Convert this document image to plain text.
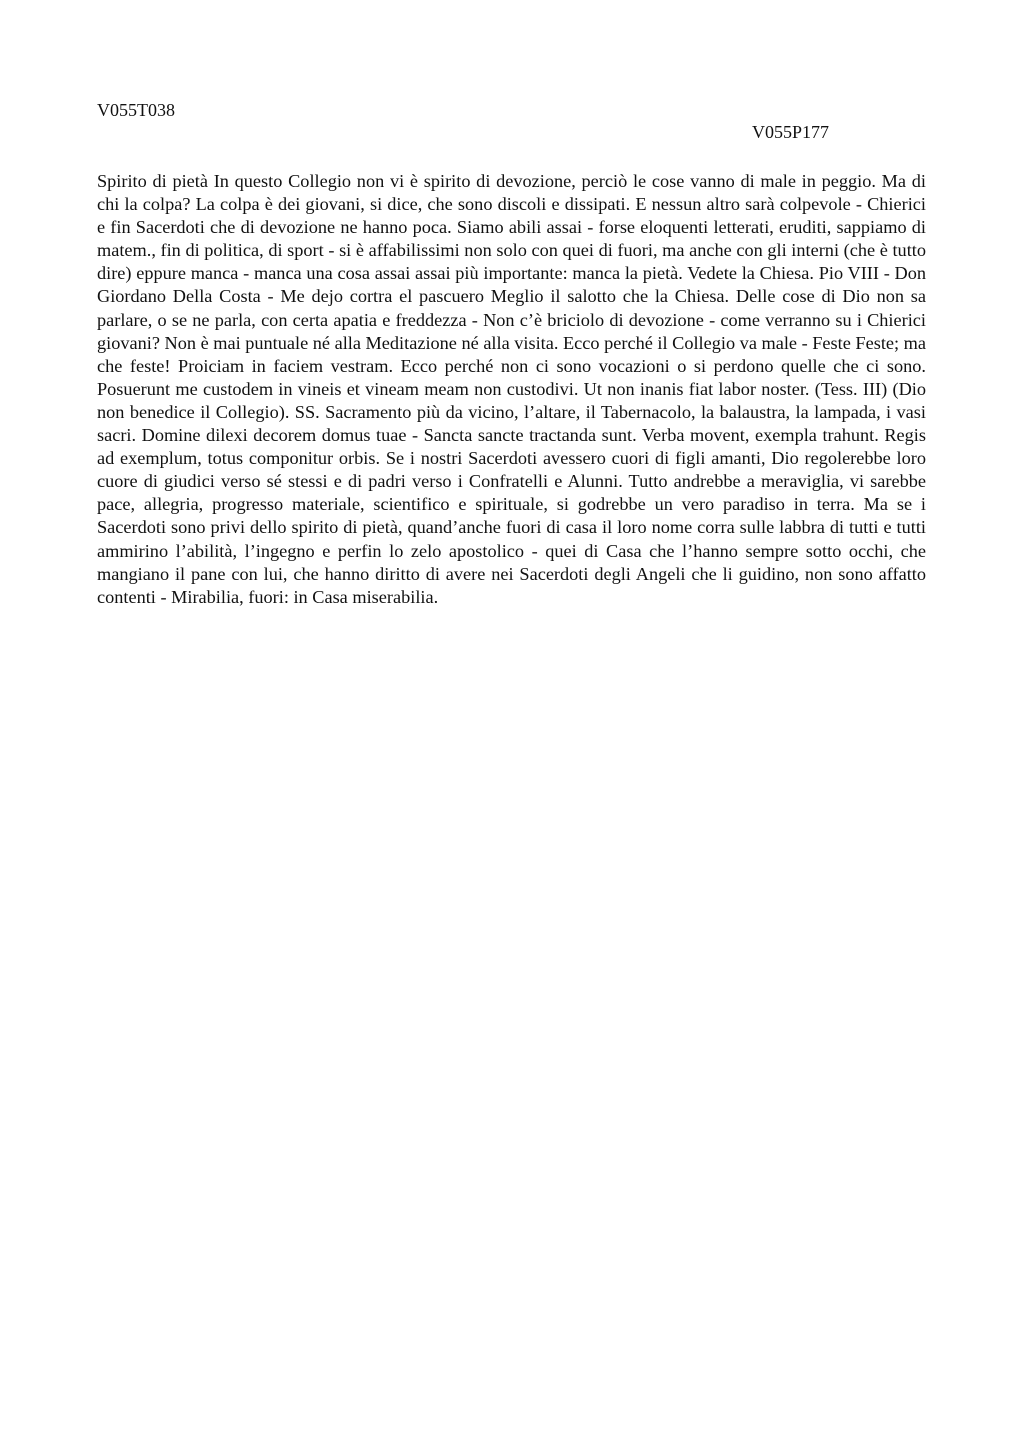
V055T038

V055P177

Spirito di pietà In questo Collegio non vi è spirito di devozione, perciò le cose vanno di male in peggio. Ma di chi la colpa? La colpa è dei giovani, si dice, che sono discoli e dissipati. E nessun altro sarà colpevole - Chierici e fin Sacerdoti che di devozione ne hanno poca. Siamo abili assai - forse eloquenti letterati, eruditi, sappiamo di matem., fin di politica, di sport - si è affabilissimi non solo con quei di fuori, ma anche con gli interni (che è tutto dire) eppure manca - manca una cosa assai assai più importante: manca la pietà. Vedete la Chiesa. Pio VIII - Don Giordano Della Costa - Me dejo cortra el pascuero Meglio il salotto che la Chiesa. Delle cose di Dio non sa parlare, o se ne parla, con certa apatia e freddezza - Non c’è briciolo di devozione - come verranno su i Chierici giovani? Non è mai puntuale né alla Meditazione né alla visita. Ecco perché il Collegio va male - Feste Feste; ma che feste! Proiciam in faciem vestram. Ecco perché non ci sono vocazioni o si perdono quelle che ci sono. Posuerunt me custodem in vineis et vineam meam non custodivi. Ut non inanis fiat labor noster. (Tess. III) (Dio non benedice il Collegio). SS. Sacramento più da vicino, l’altare, il Tabernacolo, la balaustra, la lampada, i vasi sacri. Domine dilexi decorem domus tuae - Sancta sancte tractanda sunt. Verba movent, exempla trahunt. Regis ad exemplum, totus componitur orbis. Se i nostri Sacerdoti avessero cuori di figli amanti, Dio regolerebbe loro cuore di giudici verso sé stessi e di padri verso i Confratelli e Alunni. Tutto andrebbe a meraviglia, vi sarebbe pace, allegria, progresso materiale, scientifico e spirituale, si godrebbe un vero paradiso in terra. Ma se i Sacerdoti sono privi dello spirito di pietà, quand’anche fuori di casa il loro nome corra sulle labbra di tutti e tutti ammirino l’abilità, l’ingegno e perfin lo zelo apostolico - quei di Casa che l’hanno sempre sotto occhi, che mangiano il pane con lui, che hanno diritto di avere nei Sacerdoti degli Angeli che li guidino, non sono affatto contenti - Mirabilia, fuori: in Casa miserabilia.
